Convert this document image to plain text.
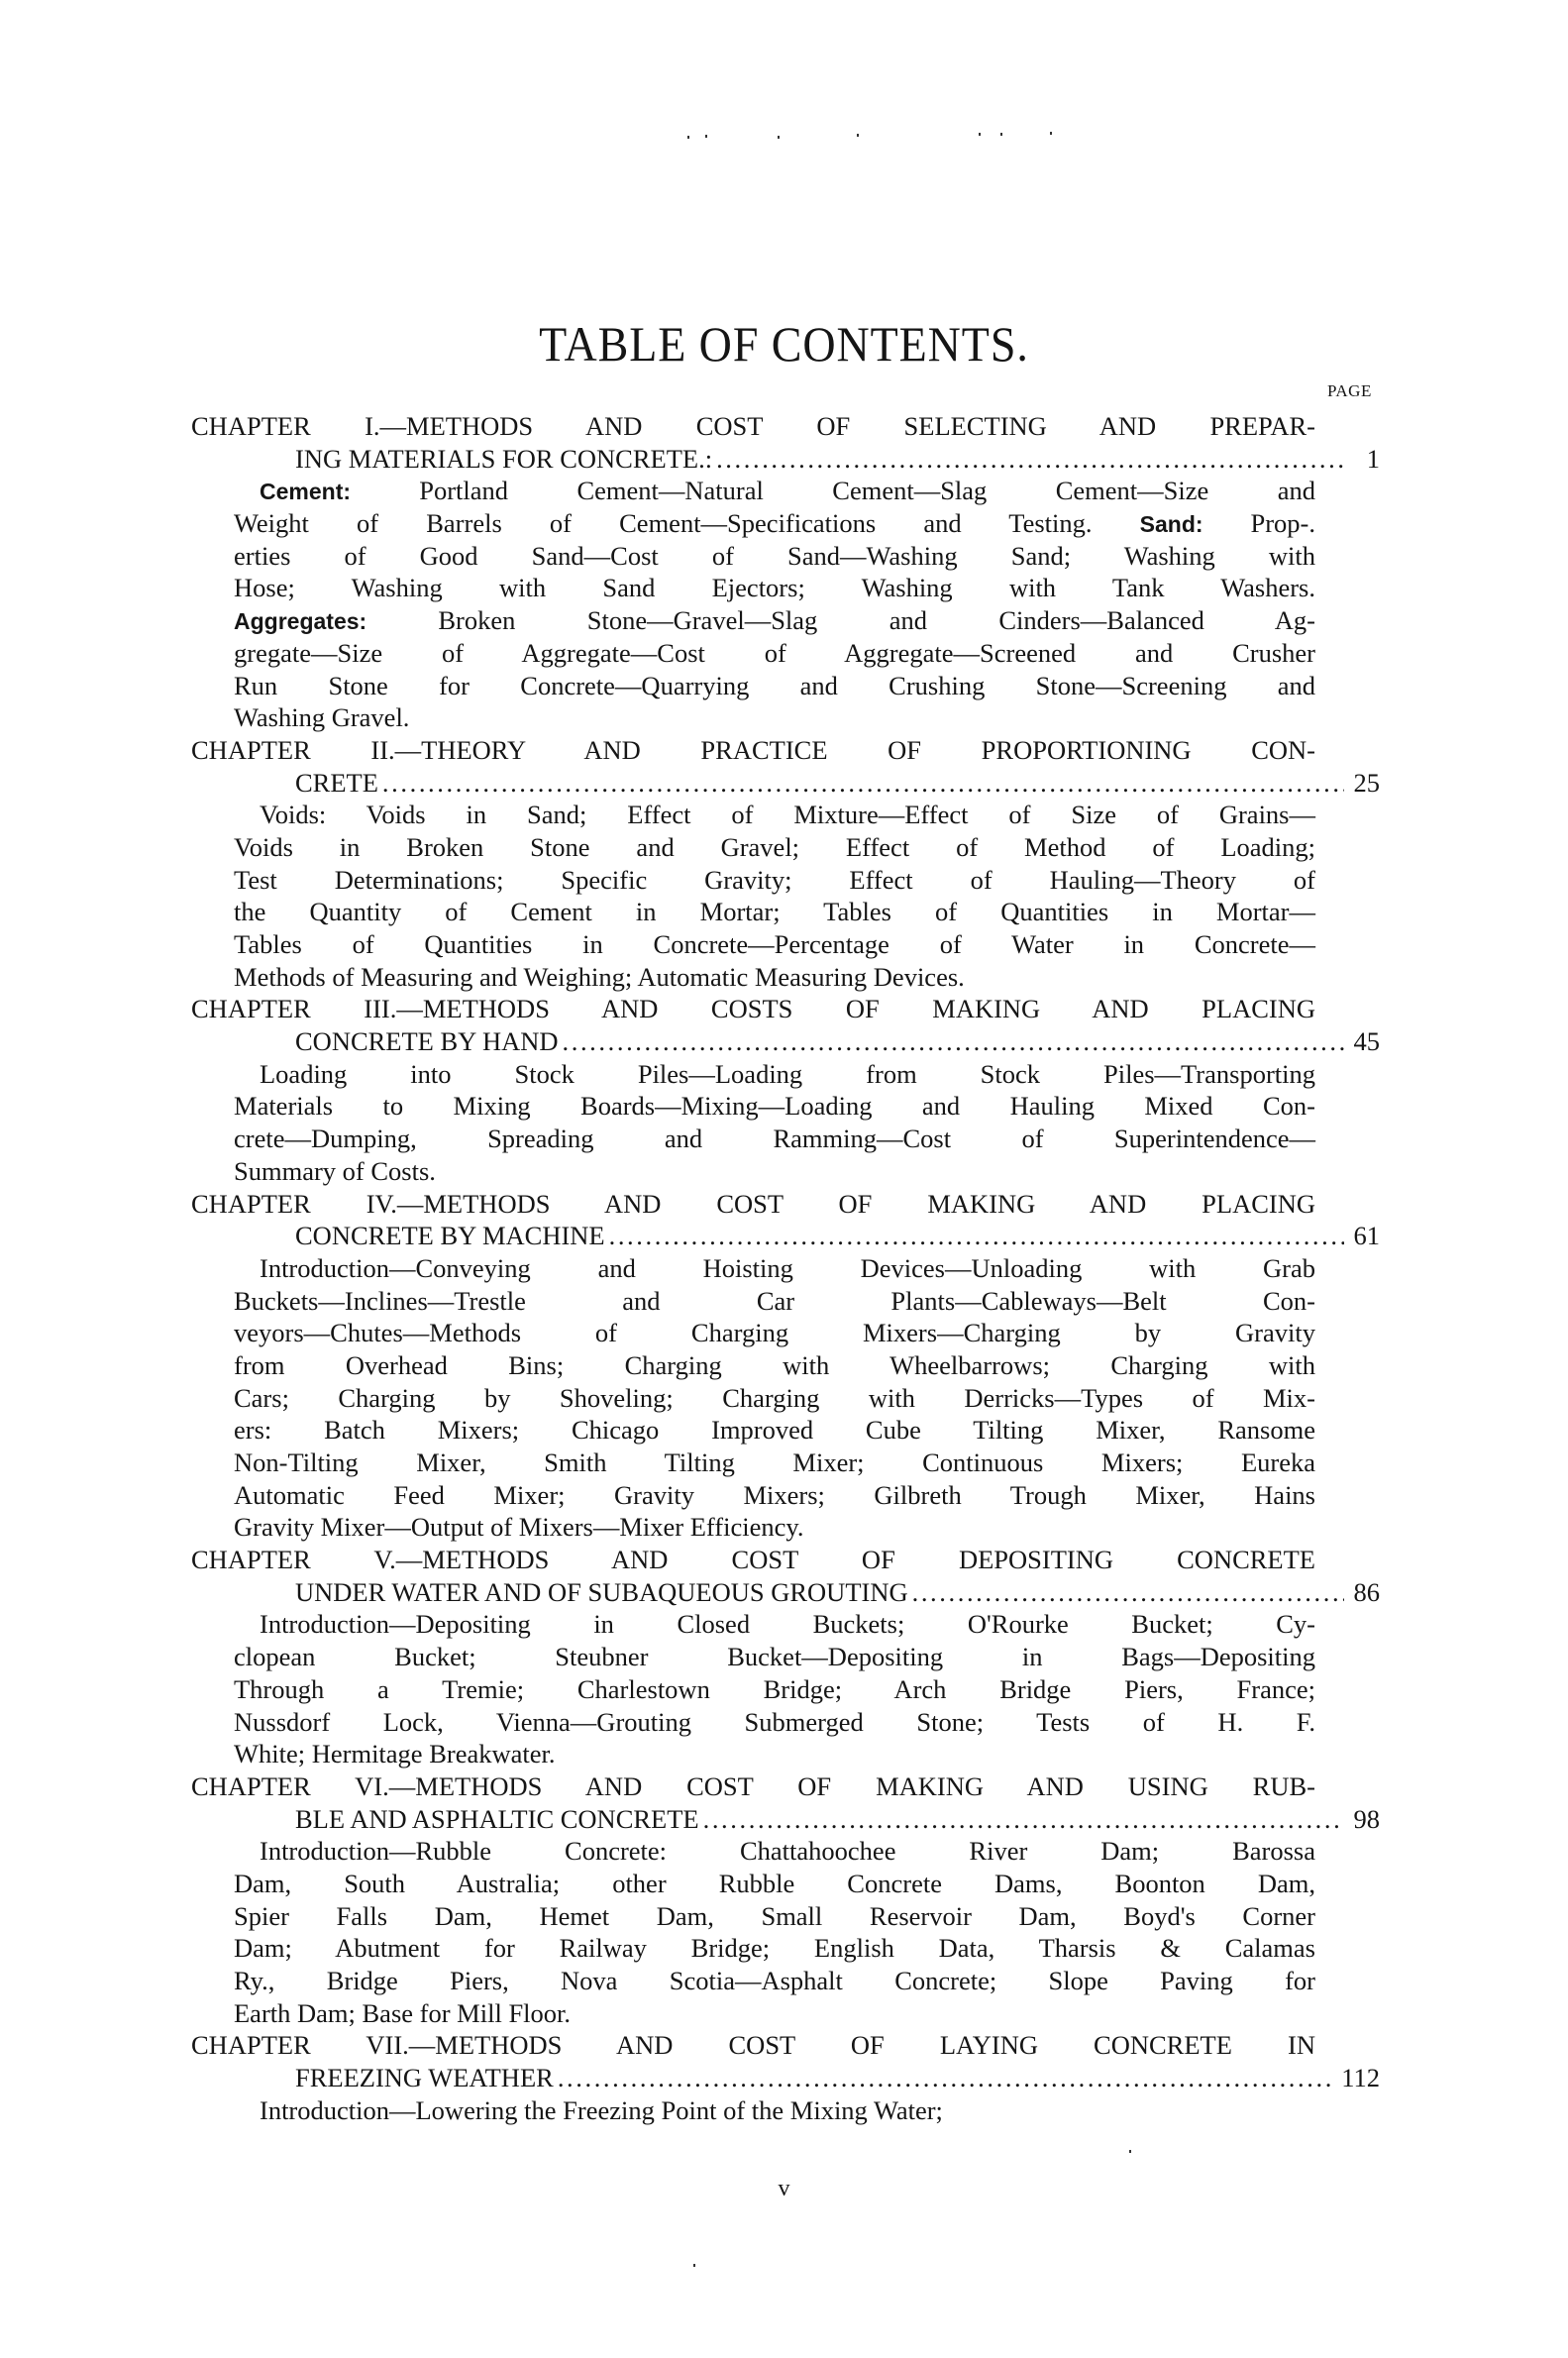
TABLE OF CONTENTS.
PAGE
CHAPTER I.—METHODS AND COST OF SELECTING AND PREPAR-
ING MATERIALS FOR CONCRETE.: .....	1
Cement: Portland Cement—Natural Cement—Slag Cement—Size and
Weight of Barrels of Cement—Specifications and Testing. Sand: Prop-.
erties of Good Sand—Cost of Sand—Washing Sand; Washing with
Hose; Washing with Sand Ejectors; Washing with Tank Washers.
Aggregates: Broken Stone—Gravel—Slag and Cinders—Balanced Ag-
gregate—Size of Aggregate—Cost of Aggregate—Screened and Crusher
Run Stone for Concrete—Quarrying and Crushing Stone—Screening and
Washing Gravel.
CHAPTER II.—THEORY AND PRACTICE OF PROPORTIONING CON-
CRETE .....	25
Voids: Voids in Sand; Effect of Mixture—Effect of Size of Grains—
Voids in Broken Stone and Gravel; Effect of Method of Loading;
Test Determinations; Specific Gravity; Effect of Hauling—Theory of
the Quantity of Cement in Mortar; Tables of Quantities in Mortar—
Tables of Quantities in Concrete—Percentage of Water in Concrete—
Methods of Measuring and Weighing; Automatic Measuring Devices.
CHAPTER III.—METHODS AND COSTS OF MAKING AND PLACING
CONCRETE BY HAND .....	45
Loading into Stock Piles—Loading from Stock Piles—Transporting
Materials to Mixing Boards—Mixing—Loading and Hauling Mixed Con-
crete—Dumping, Spreading and Ramming—Cost of Superintendence—
Summary of Costs.
CHAPTER IV.—METHODS AND COST OF MAKING AND PLACING
CONCRETE BY MACHINE .....	61
Introduction—Conveying and Hoisting Devices—Unloading with Grab
Buckets—Inclines—Trestle and Car Plants—Cableways—Belt Con-
veyors—Chutes—Methods of Charging Mixers—Charging by Gravity
from Overhead Bins; Charging with Wheelbarrows; Charging with
Cars; Charging by Shoveling; Charging with Derricks—Types of Mix-
ers: Batch Mixers; Chicago Improved Cube Tilting Mixer, Ransome
Non-Tilting Mixer, Smith Tilting Mixer; Continuous Mixers; Eureka
Automatic Feed Mixer; Gravity Mixers; Gilbreth Trough Mixer, Hains
Gravity Mixer—Output of Mixers—Mixer Efficiency.
CHAPTER V.—METHODS AND COST OF DEPOSITING CONCRETE
UNDER WATER AND OF SUBAQUEOUS GROUTING .....	86
Introduction—Depositing in Closed Buckets; O'Rourke Bucket; Cy-
clopean Bucket; Steubner Bucket—Depositing in Bags—Depositing
Through a Tremie; Charlestown Bridge; Arch Bridge Piers, France;
Nussdorf Lock, Vienna—Grouting Submerged Stone; Tests of H. F.
White; Hermitage Breakwater.
CHAPTER VI.—METHODS AND COST OF MAKING AND USING RUB-
BLE AND ASPHALTIC CONCRETE .....	98
Introduction—Rubble Concrete: Chattahoochee River Dam; Barossa
Dam, South Australia; other Rubble Concrete Dams, Boonton Dam,
Spier Falls Dam, Hemet Dam, Small Reservoir Dam, Boyd's Corner
Dam; Abutment for Railway Bridge; English Data, Tharsis & Calamas
Ry., Bridge Piers, Nova Scotia—Asphalt Concrete; Slope Paving for
Earth Dam; Base for Mill Floor.
CHAPTER VII.—METHODS AND COST OF LAYING CONCRETE IN
FREEZING WEATHER .....	112
Introduction—Lowering the Freezing Point of the Mixing Water;
v
